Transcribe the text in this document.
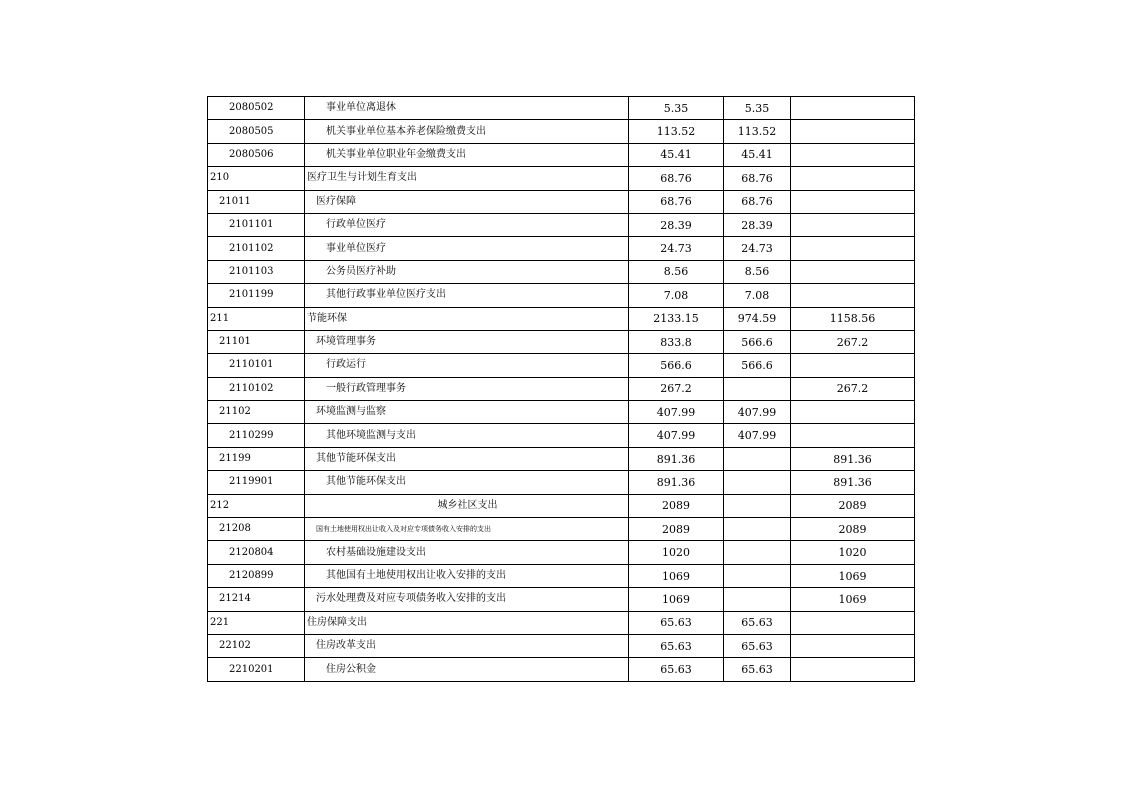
2080502	事业单位离退休	5.35	5.35	
2080505	机关事业单位基本养老保险缴费支出	113.52	113.52	
2080506	机关事业单位职业年金缴费支出	45.41	45.41	
210	医疗卫生与计划生育支出	68.76	68.76	
21011	医疗保障	68.76	68.76	
2101101	行政单位医疗	28.39	28.39	
2101102	事业单位医疗	24.73	24.73	
2101103	公务员医疗补助	8.56	8.56	
2101199	其他行政事业单位医疗支出	7.08	7.08	
211	节能环保	2133.15	974.59	1158.56
21101	环境管理事务	833.8	566.6	267.2
2110101	行政运行	566.6	566.6	
2110102	一般行政管理事务	267.2		267.2
21102	环境监测与监察	407.99	407.99	
2110299	其他环境监测与支出	407.99	407.99	
21199	其他节能环保支出	891.36		891.36
2119901	其他节能环保支出	891.36		891.36
212	城乡社区支出	2089		2089
21208	国有土地使用权出让收入及对应专项债务收入安排的支出	2089		2089
2120804	农村基础设施建设支出	1020		1020
2120899	其他国有土地使用权出让收入安排的支出	1069		1069
21214	污水处理费及对应专项债务收入安排的支出	1069		1069
221	住房保障支出	65.63	65.63	
22102	住房改革支出	65.63	65.63	
2210201	住房公积金	65.63	65.63	
